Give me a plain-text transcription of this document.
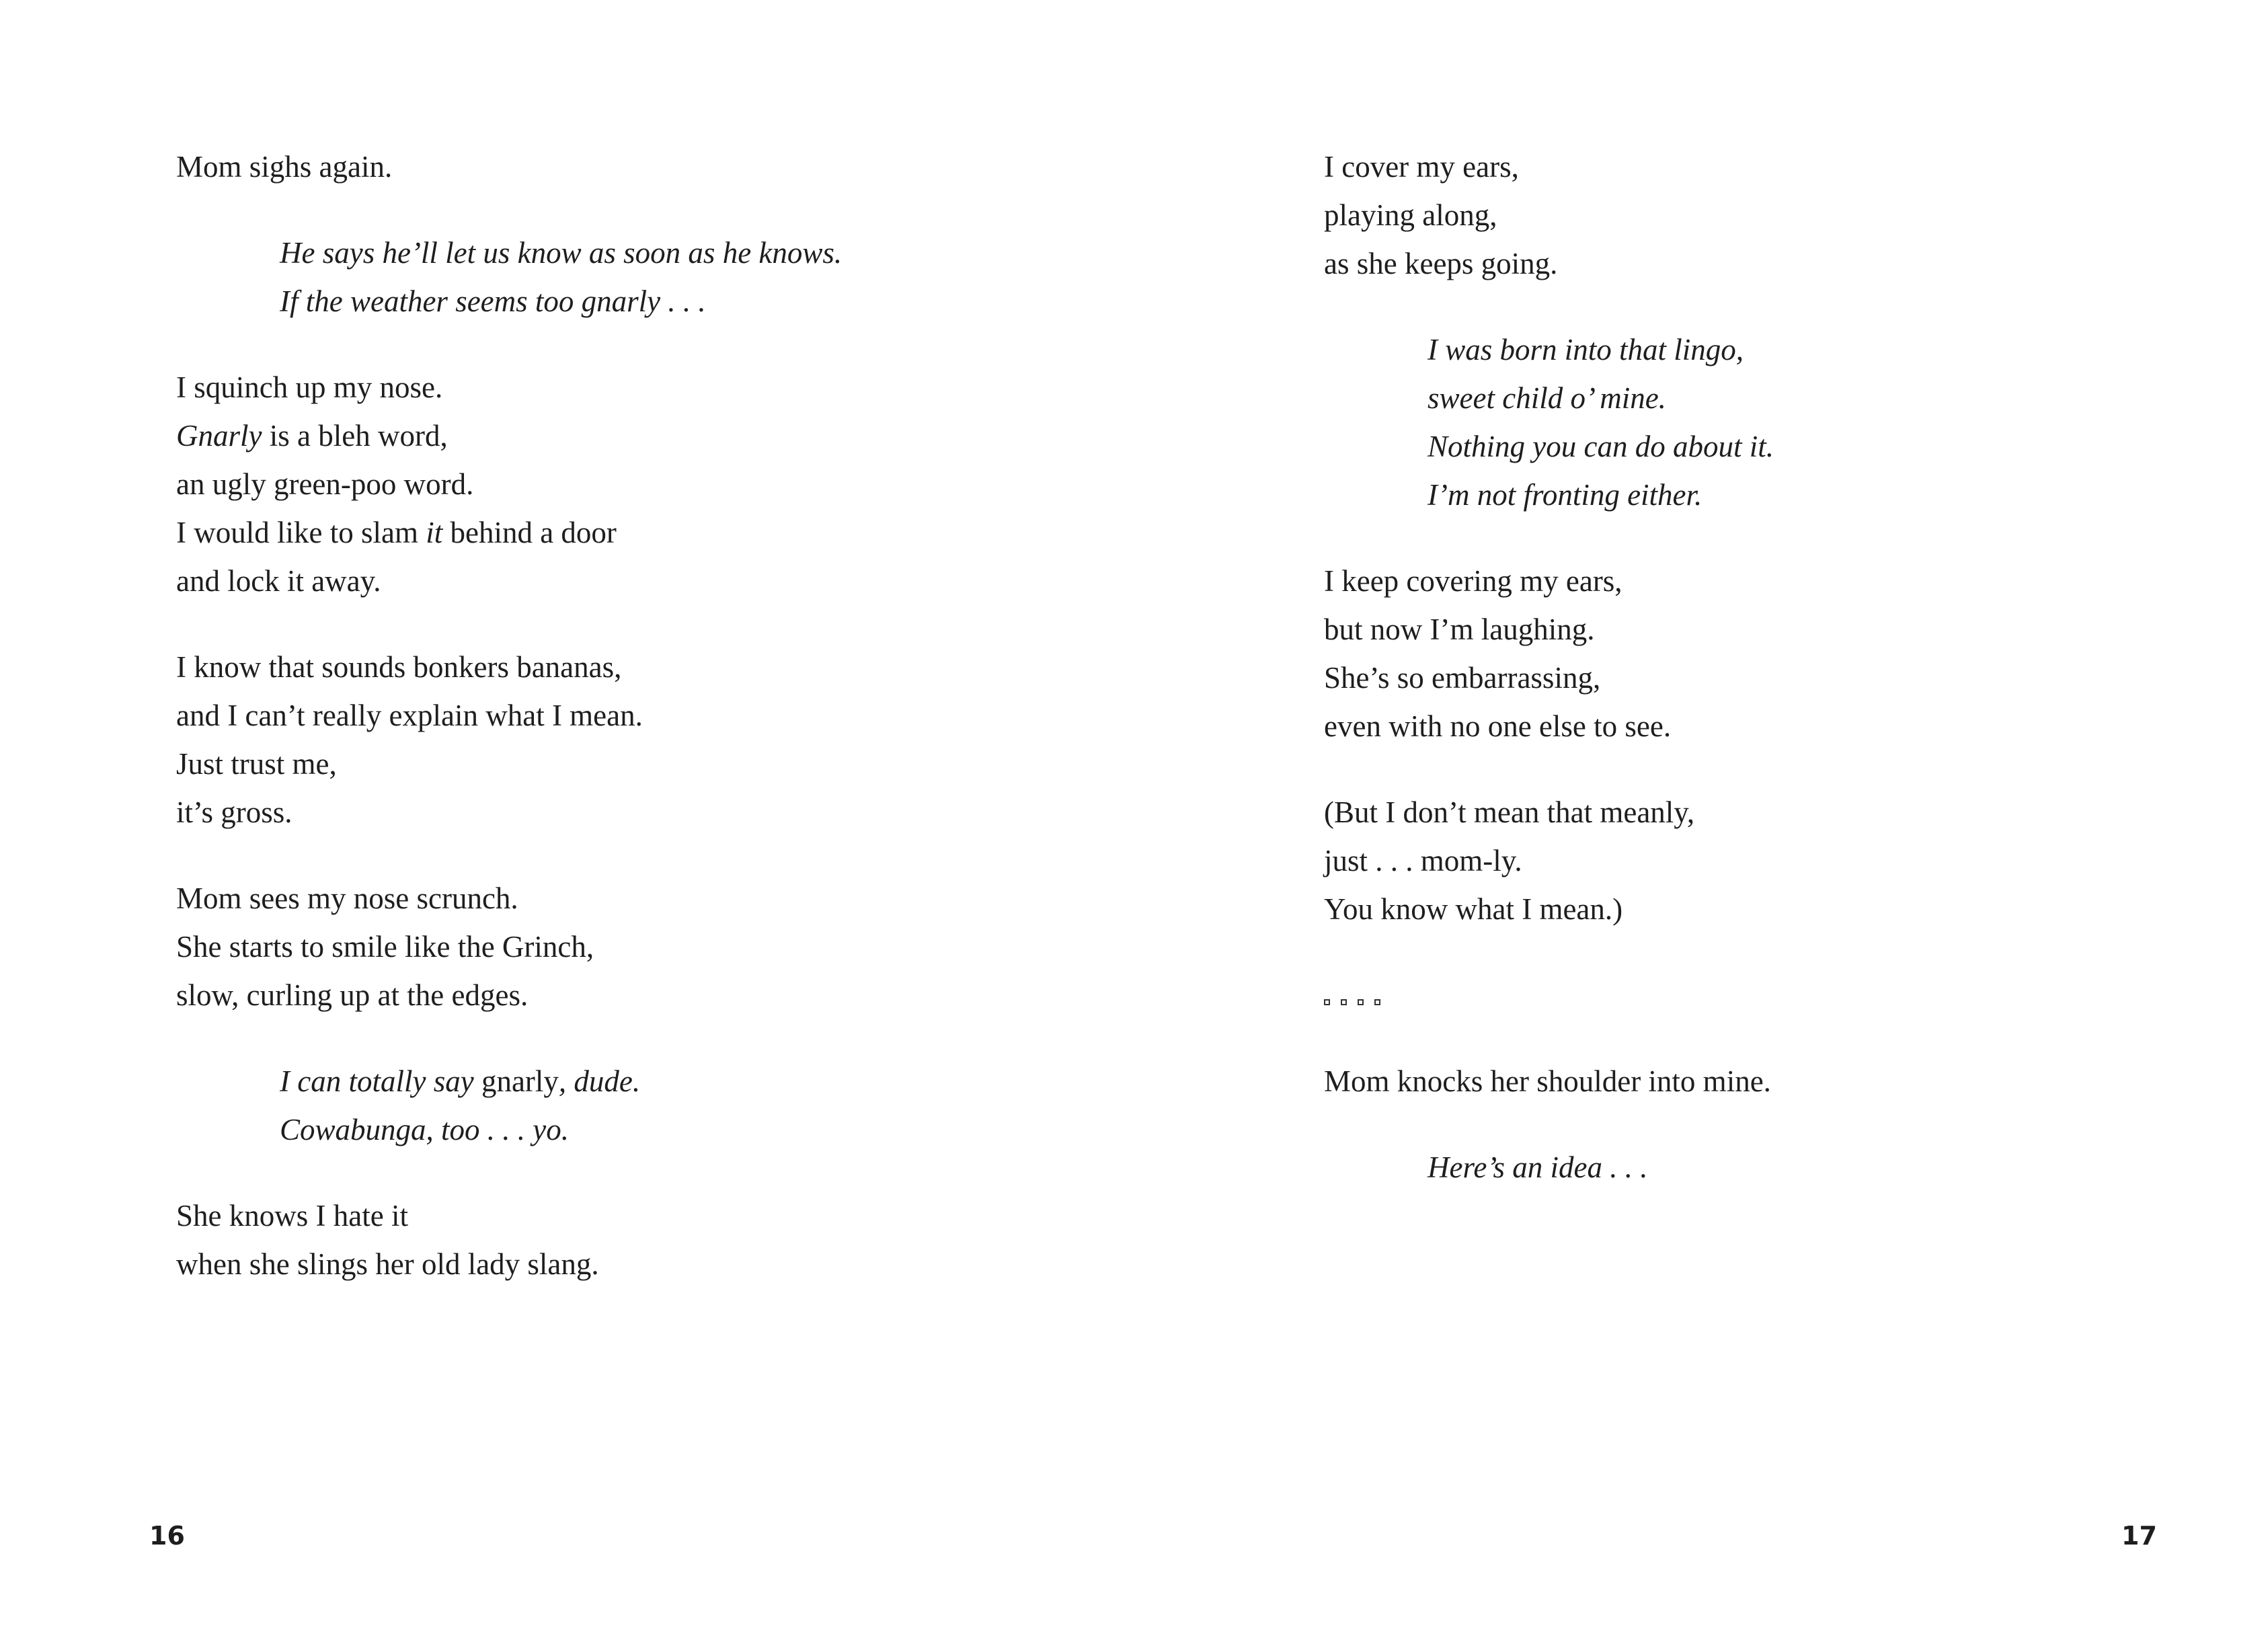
Mom sighs again.
He says he’ll let us know as soon as he knows.
If the weather seems too gnarly . . .
I squinch up my nose.
Gnarly is a bleh word,
an ugly green-poo word.
I would like to slam it behind a door
and lock it away.
I know that sounds bonkers bananas,
and I can’t really explain what I mean.
Just trust me,
it’s gross.
Mom sees my nose scrunch.
She starts to smile like the Grinch,
slow, curling up at the edges.
I can totally say gnarly, dude.
Cowabunga, too . . . yo.
She knows I hate it
when she slings her old lady slang.
16
I cover my ears,
playing along,
as she keeps going.
I was born into that lingo,
sweet child o’ mine.
Nothing you can do about it.
I’m not fronting either.
I keep covering my ears,
but now I’m laughing.
She’s so embarrassing,
even with no one else to see.
(But I don’t mean that meanly,
just . . . mom-ly.
You know what I mean.)
Mom knocks her shoulder into mine.
Here’s an idea . . .
17
